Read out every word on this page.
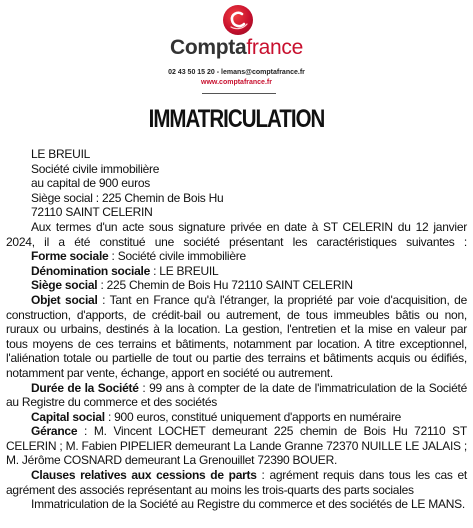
Comptafrance
02 43 50 15 20 - lemans@comptafrance.fr
www.comptafrance.fr
IMMATRICULATION
LE BREUIL
Société civile immobilière
au capital de 900 euros
Siège social : 225 Chemin de Bois Hu
72110 SAINT CELERIN
Aux termes d'un acte sous signature privée en date à ST CELERIN du 12 janvier
2024, il a été constitué une société présentant les caractéristiques suivantes :
Forme sociale : Société civile immobilière
Dénomination sociale : LE BREUIL
Siège social : 225 Chemin de Bois Hu 72110 SAINT CELERIN
Objet social : Tant en France qu'à l'étranger, la propriété par voie d'acquisition, de
construction, d'apports, de crédit-bail ou autrement, de tous immeubles bâtis ou non,
ruraux ou urbains, destinés à la location. La gestion, l'entretien et la mise en valeur par
tous moyens de ces terrains et bâtiments, notamment par location. A titre exceptionnel,
l'aliénation totale ou partielle de tout ou partie des terrains et bâtiments acquis ou édifiés,
notamment par vente, échange, apport en société ou autrement.
Durée de la Société : 99 ans à compter de la date de l'immatriculation de la Société
au Registre du commerce et des sociétés
Capital social : 900 euros, constitué uniquement d'apports en numéraire
Gérance : M. Vincent LOCHET demeurant 225 chemin de Bois Hu 72110 ST
CELERIN ; M. Fabien PIPELIER demeurant La Lande Granne 72370 NUILLE LE JALAIS ;
M. Jérôme COSNARD demeurant La Grenouillet 72390 BOUER.
Clauses relatives aux cessions de parts : agrément requis dans tous les cas et
agrément des associés représentant au moins les trois-quarts des parts sociales
Immatriculation de la Société au Registre du commerce et des sociétés de LE MANS.
